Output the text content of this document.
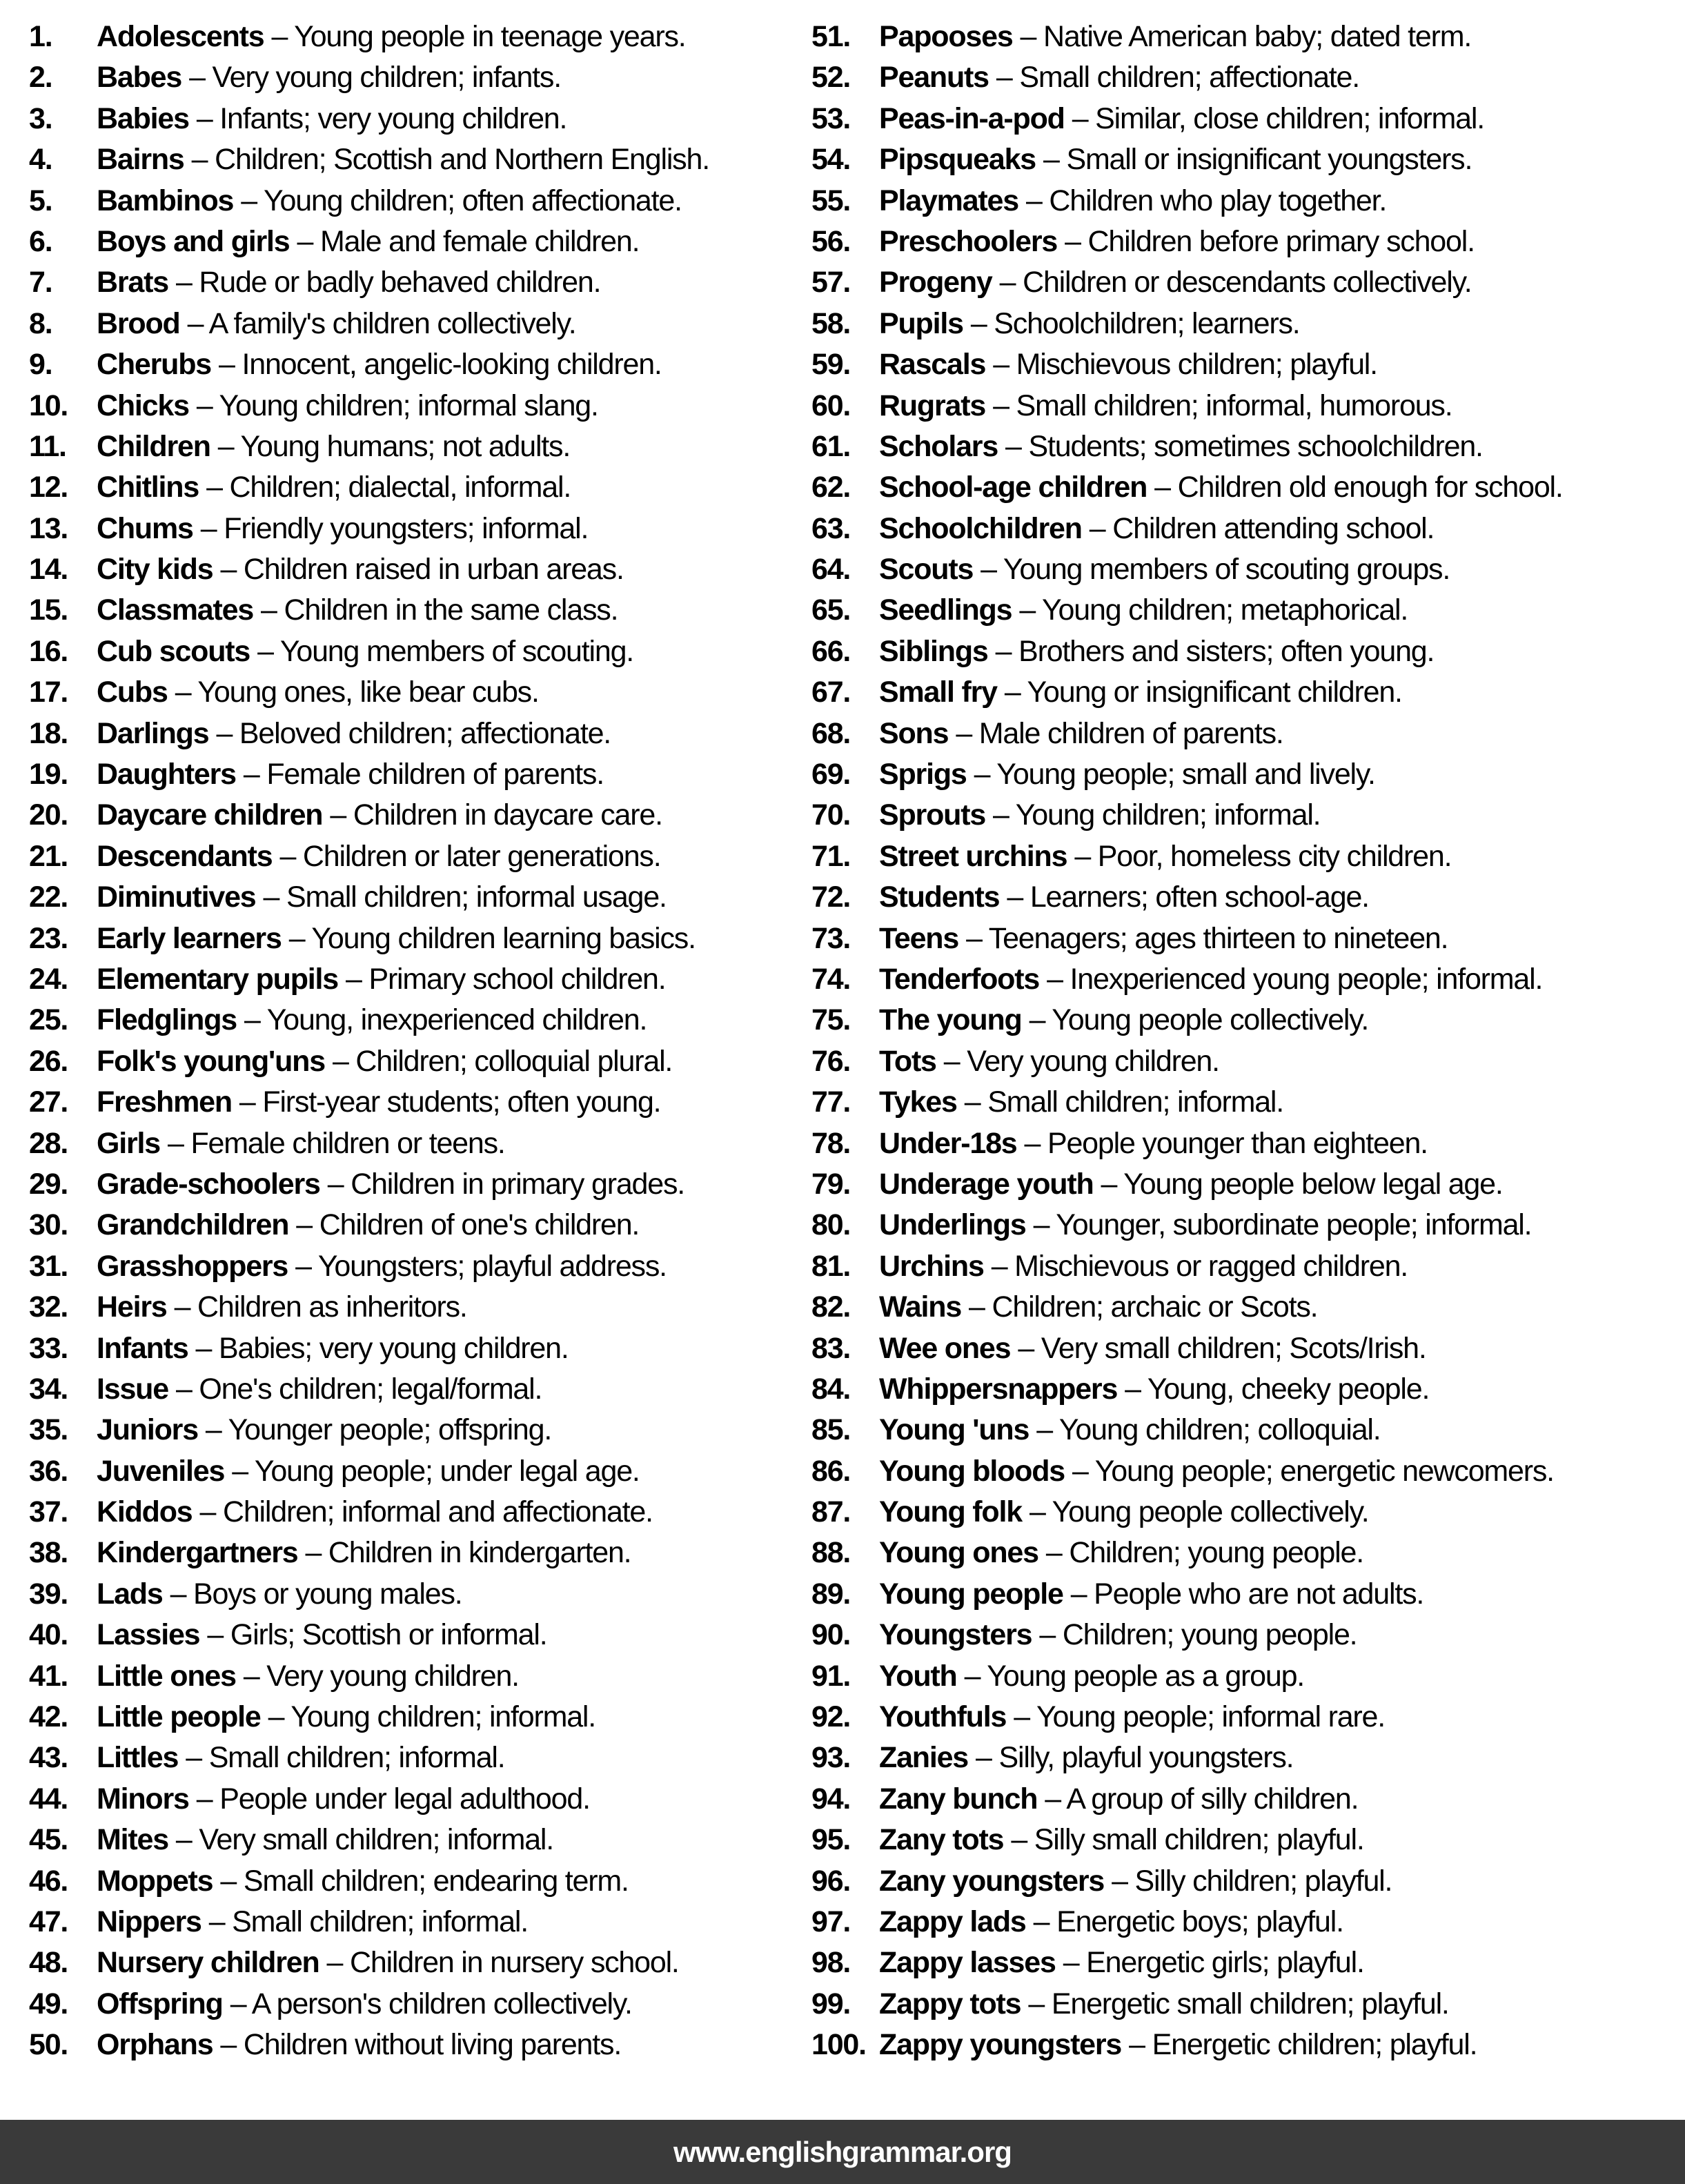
1.	Adolescents – Young people in teenage years.
2.	Babes – Very young children; infants.
3.	Babies – Infants; very young children.
4.	Bairns – Children; Scottish and Northern English.
5.	Bambinos – Young children; often affectionate.
6.	Boys and girls – Male and female children.
7.	Brats – Rude or badly behaved children.
8.	Brood – A family's children collectively.
9.	Cherubs – Innocent, angelic-looking children.
10. Chicks – Young children; informal slang.
11.	Children – Young humans; not adults.
12. Chitlins – Children; dialectal, informal.
13. Chums – Friendly youngsters; informal.
14. City kids – Children raised in urban areas.
15. Classmates – Children in the same class.
16. Cub scouts – Young members of scouting.
17. Cubs – Young ones, like bear cubs.
18. Darlings – Beloved children; affectionate.
19. Daughters – Female children of parents.
20. Daycare children – Children in daycare care.
21. Descendants – Children or later generations.
22. Diminutives – Small children; informal usage.
23. Early learners – Young children learning basics.
24. Elementary pupils – Primary school children.
25. Fledglings – Young, inexperienced children.
26. Folk's young'uns – Children; colloquial plural.
27. Freshmen – First-year students; often young.
28. Girls – Female children or teens.
29. Grade-schoolers – Children in primary grades.
30. Grandchildren – Children of one's children.
31. Grasshoppers – Youngsters; playful address.
32. Heirs – Children as inheritors.
33. Infants – Babies; very young children.
34. Issue – One's children; legal/formal.
35. Juniors – Younger people; offspring.
36. Juveniles – Young people; under legal age.
37. Kiddos – Children; informal and affectionate.
38. Kindergartners – Children in kindergarten.
39. Lads – Boys or young males.
40. Lassies – Girls; Scottish or informal.
41. Little ones – Very young children.
42. Little people – Young children; informal.
43. Littles – Small children; informal.
44. Minors – People under legal adulthood.
45. Mites – Very small children; informal.
46. Moppets – Small children; endearing term.
47. Nippers – Small children; informal.
48. Nursery children – Children in nursery school.
49. Offspring – A person's children collectively.
50. Orphans – Children without living parents.
51. Papooses – Native American baby; dated term.
52. Peanuts – Small children; affectionate.
53. Peas-in-a-pod – Similar, close children; informal.
54. Pipsqueaks – Small or insignificant youngsters.
55. Playmates – Children who play together.
56. Preschoolers – Children before primary school.
57. Progeny – Children or descendants collectively.
58. Pupils – Schoolchildren; learners.
59. Rascals – Mischievous children; playful.
60. Rugrats – Small children; informal, humorous.
61. Scholars – Students; sometimes schoolchildren.
62. School-age children – Children old enough for school.
63. Schoolchildren – Children attending school.
64. Scouts – Young members of scouting groups.
65. Seedlings – Young children; metaphorical.
66. Siblings – Brothers and sisters; often young.
67. Small fry – Young or insignificant children.
68. Sons – Male children of parents.
69. Sprigs – Young people; small and lively.
70. Sprouts – Young children; informal.
71. Street urchins – Poor, homeless city children.
72. Students – Learners; often school-age.
73. Teens – Teenagers; ages thirteen to nineteen.
74. Tenderfoots – Inexperienced young people; informal.
75. The young – Young people collectively.
76. Tots – Very young children.
77. Tykes – Small children; informal.
78. Under-18s – People younger than eighteen.
79. Underage youth – Young people below legal age.
80. Underlings – Younger, subordinate people; informal.
81. Urchins – Mischievous or ragged children.
82. Wains – Children; archaic or Scots.
83. Wee ones – Very small children; Scots/Irish.
84. Whippersnappers – Young, cheeky people.
85. Young 'uns – Young children; colloquial.
86. Young bloods – Young people; energetic newcomers.
87. Young folk – Young people collectively.
88. Young ones – Children; young people.
89. Young people – People who are not adults.
90. Youngsters – Children; young people.
91. Youth – Young people as a group.
92. Youthfuls – Young people; informal rare.
93. Zanies – Silly, playful youngsters.
94. Zany bunch – A group of silly children.
95. Zany tots – Silly small children; playful.
96. Zany youngsters – Silly children; playful.
97. Zappy lads – Energetic boys; playful.
98. Zappy lasses – Energetic girls; playful.
99. Zappy tots – Energetic small children; playful.
100. Zappy youngsters – Energetic children; playful.
www.englishgrammar.org
